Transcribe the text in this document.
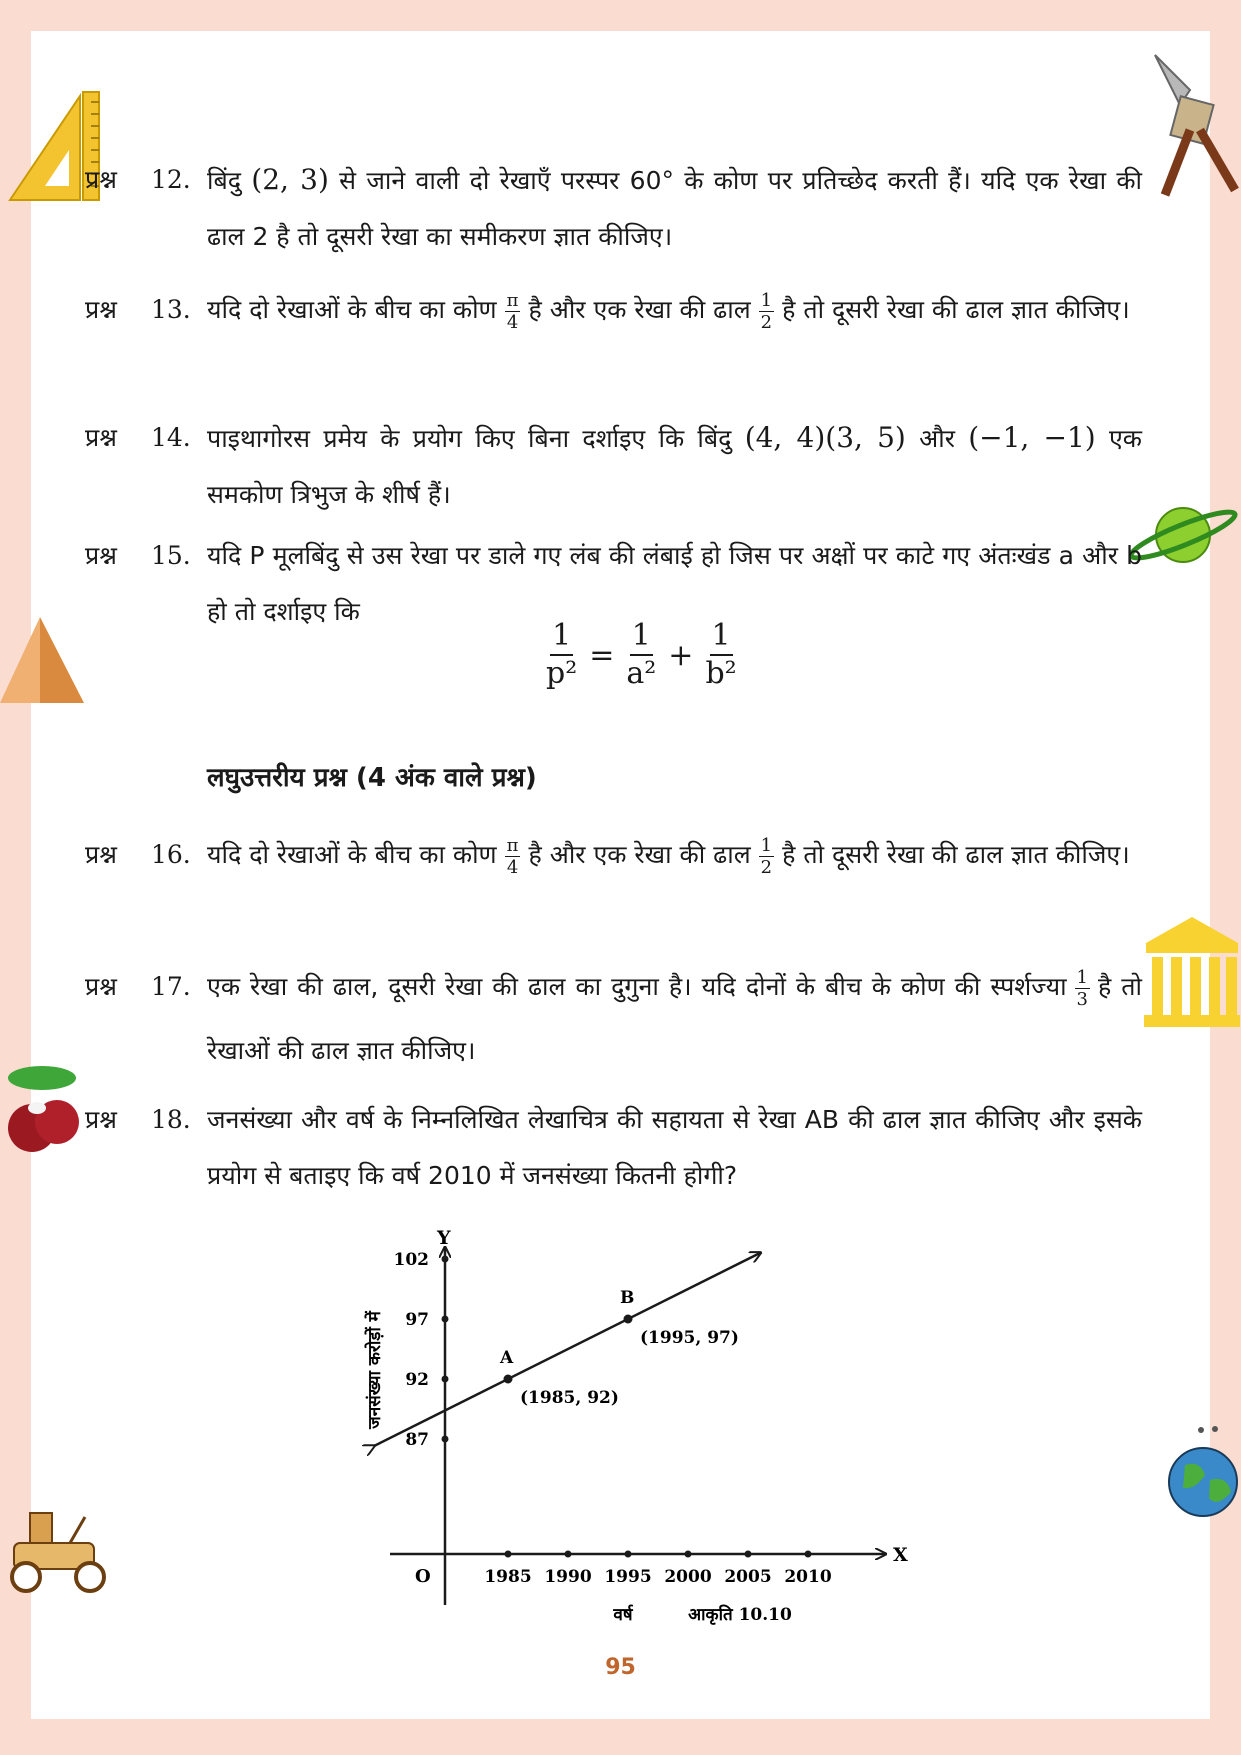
प्रश्न 12. बिंदु (2, 3) से जाने वाली दो रेखाएँ परस्पर 60° के कोण पर प्रतिच्छेद करती हैं। यदि एक रेखा की ढाल 2 है तो दूसरी रेखा का समीकरण ज्ञात कीजिए।
प्रश्न 13. यदि दो रेखाओं के बीच का कोण $\frac{\pi}{4}$ है और एक रेखा की ढाल $\frac{1}{2}$ है तो दूसरी रेखा की ढाल ज्ञात कीजिए।
प्रश्न 14. पाइथागोरस प्रमेय के प्रयोग किए बिना दर्शाइए कि बिंदु (4, 4)(3, 5) और (−1, −1) एक समकोण त्रिभुज के शीर्ष हैं।
प्रश्न 15. यदि P मूलबिंदु से उस रेखा पर डाले गए लंब की लंबाई हो जिस पर अक्षों पर काटे गए अंतःखंड a और b हो तो दर्शाइए कि
$\frac{1}{\text{p²}} = \frac{1}{\text{a²}} + \frac{1}{\text{b²}}$
लघुउत्तरीय प्रश्न (4 अंक वाले प्रश्न)
प्रश्न 16. यदि दो रेखाओं के बीच का कोण $\frac{\pi}{4}$ है और एक रेखा की ढाल $\frac{1}{2}$ है तो दूसरी रेखा की ढाल ज्ञात कीजिए।
प्रश्न 17. एक रेखा की ढाल, दूसरी रेखा की ढाल का दुगुना है। यदि दोनों के बीच के कोण की स्पर्शज्या $\frac{1}{3}$ है तो रेखाओं की ढाल ज्ञात कीजिए।
प्रश्न 18. जनसंख्या और वर्ष के निम्नलिखित लेखाचित्र की सहायता से रेखा AB की ढाल ज्ञात कीजिए और इसके प्रयोग से बताइए कि वर्ष 2010 में जनसंख्या कितनी होगी?
Y
X
O	1985 1990 1995 2000 2005 2010
87
92
97
102
A
(1985, 92)
B
(1995, 97)
जनसंख्या करोड़ों में
वर्ष	आकृति 10.10
95
